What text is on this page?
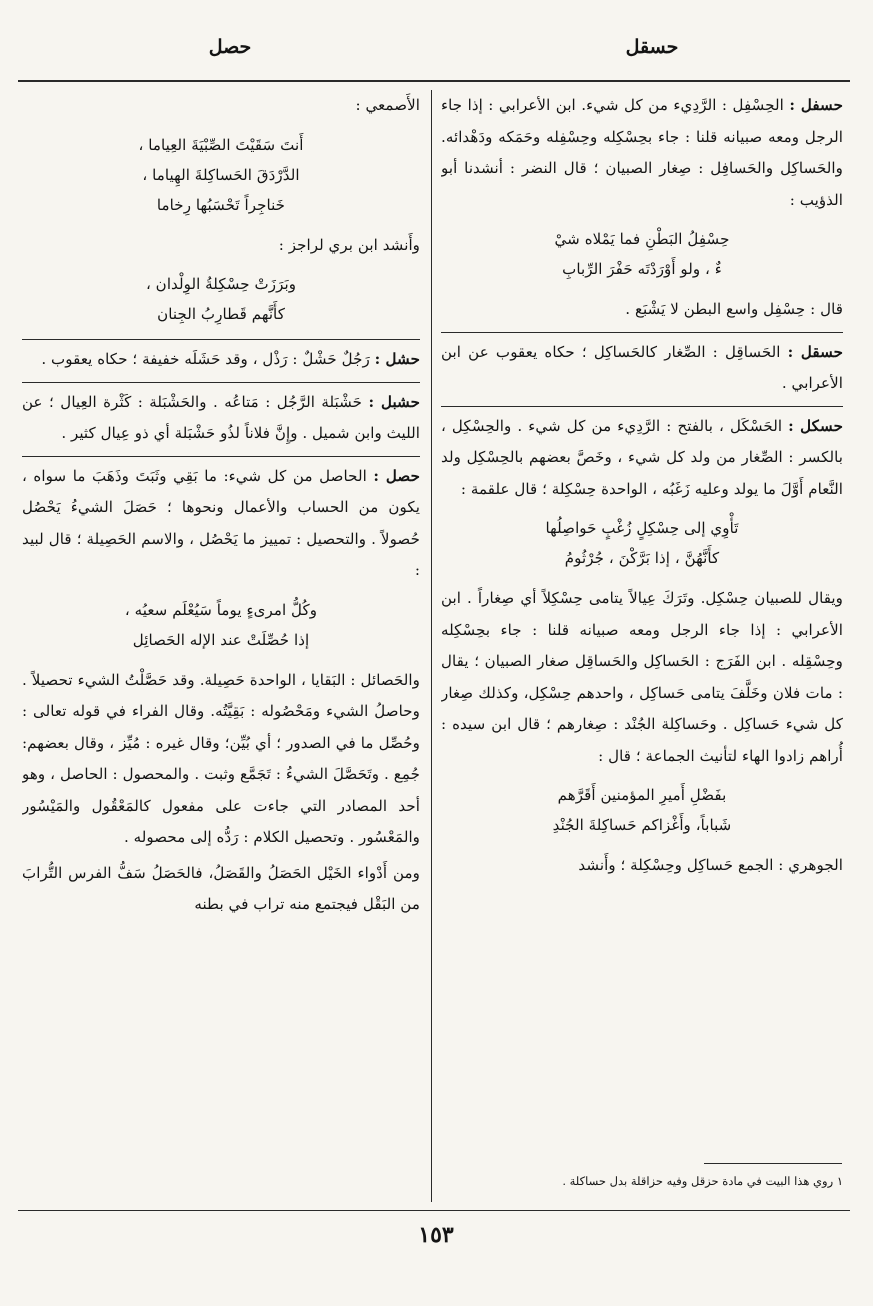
حسقل
حصل
حسفل : الحِسْفِل : الرَّدِيء من كل شيء. ابن الأعرابي : إذا جاء الرجل ومعه صبيانه قلنا : جاء بحِسْكِله وحِسْفِله وحَمَكه ودَهْدائه. والحَساكِل والحَسافِل : صِغار الصبيان ؛ قال النضر : أنشدنا أبو الذؤيب :
حِسْفِلُ البَطْنِ فما يَمْلاه شيْ
ءٌ ، ولو أَوْرَدْتَه حَفْرَ الرِّبابِ
قال : حِسْفِل واسع البطن لا يَشْبَع .
حسقل : الحَساقِل : الصِّغار كالحَساكِل ؛ حكاه يعقوب عن ابن الأعرابي .
حسكل : الحَسْكَل ، بالفتح : الرَّدِيء من كل شيء . والحِسْكِل ، بالكسر : الصِّغار من ولد كل شيء ، وخَصَّ بعضهم بالحِسْكِل ولد النَّعام أَوَّلَ ما يولد وعليه زَغَبُه ، الواحدة حِسْكِلة ؛ قال علقمة :
تَأْوِي إلى حِسْكِلٍ زُغْبٍ حَواصِلُها
كأَنَّهُنَّ ، إذا بَرَّكْنَ ، جُرْثُومُ
ويقال للصبيان حِسْكِل. وتَرَكَ عِيالاً يتامى حِسْكِلاً أي صِغاراً . ابن الأعرابي : إذا جاء الرجل ومعه صبيانه قلنا : جاء بحِسْكِله وحِسْقِله . ابن الفَرَج : الحَساكِل والحَساقِل صغار الصبيان ؛ يقال : مات فلان وخَلَّفَ يتامى حَساكِل ، واحدهم حِسْكِل، وكذلك صِغار كل شيء حَساكِل . وحَساكِلة الجُنْد : صِغارهم ؛ قال ابن سيده : أُراهم زادوا الهاء لتأنيث الجماعة ؛ قال :
بفَضْلِ أَميرِ المؤمنين أَقَرَّهم
شَباباً، وأَغْزاكم حَساكِلةَ الجُنْدِ
الجوهري : الجمع حَساكِل وحِسْكِلة ؛ وأَنشد
الأَصمعي :
أَنتَ سَقَيْتَ الصِّبْيَةَ العِياما ،
الدَّرْدَقَ الحَساكِلةَ الهِياما ،
خَناجِراً تَحْسَبُها رِخاما
وأَنشد ابن بري لراجز :
وبَرَزَتْ حِسْكِلةُ الوِلْدان ،
كأَنَّهم قَطارِبُ الجِنان
حشل : رَجُلٌ حَشْلٌ : رَذْل ، وقد حَشَلَه خفيفة ؛ حكاه يعقوب .
حشبل : حَشْبَلة الرَّجُل : مَتاعُه . والحَشْبَلة : كَثْرة العِيال ؛ عن الليث وابن شميل . وإِنَّ فلاناً لذُو حَشْبَلة أي ذو عِيال كثير .
حصل : الحاصل من كل شيء: ما بَقِي وثَبَتَ وذَهَبَ ما سواه ، يكون من الحساب والأعمال ونحوها ؛ حَصَلَ الشيءُ يَحْصُل حُصولاً . والتحصيل : تمييز ما يَحْصُل ، والاسم الحَصِيلة ؛ قال لبيد :
وكُلُّ امرىءٍ يوماً سَيُعْلَم سعيُه ،
إذا حُصِّلَتْ عند الإله الحَصائِل
والحَصائل : البَقايا ، الواحدة حَصِيلة. وقد حَصَّلْتُ الشيء تحصيلاً . وحاصلُ الشيء ومَحْصُوله : بَقِيَّتُه. وقال الفراء في قوله تعالى : وحُصِّل ما في الصدور ؛ أي بُيِّن؛ وقال غيره : مُيِّز ، وقال بعضهم: جُمِع . وتَحَصَّلَ الشيءُ : تَجَمَّع وثبت . والمحصول : الحاصل ، وهو أحد المصادر التي جاءت على مفعول كالمَعْقُول والمَيْسُور والمَعْسُور . وتحصيل الكلام : رَدُّه إلى محصوله .
ومن أَدْواء الخَيْل الحَصَلُ والقَصَلُ، فالحَصَلُ سَفُّ الفرس التُّرابَ من البَقْل فيجتمع منه تراب في بطنه
١ روي هذا البيت في مادة حزقل وفيه حزاقلة بدل حساكلة .
١٥٣
